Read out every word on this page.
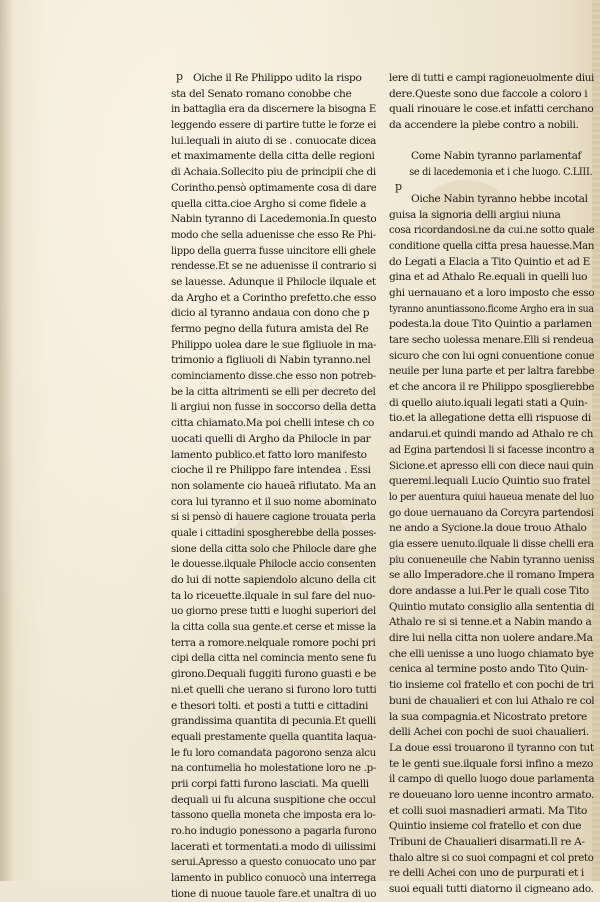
p
p
Oiche il Re Philippo udito la rispo
sta del Senato romano conobbe che
in battaglia era da discernere la bisogna E
leggendo essere di partire tutte le forze ei
lui.lequali in aiuto di se . conuocate dicea
et maximamente della citta delle regioni
di Achaia.Sollecito piu de principii che di
Corintho.pensò optimamente cosa di dare
quella citta.cioe Argho si come fidele a
Nabin tyranno di Lacedemonia.In questo
modo che sella aduenisse che esso Re Phi-
lippo della guerra fusse uincitore elli ghele
rendesse.Et se ne aduenisse il contrario si
se lauesse. Adunque il Philocle ilquale et
da Argho et a Corintho prefetto.che esso
dicio al tyranno andaua con dono che p
fermo pegno della futura amista del Re
Philippo uolea dare le sue figliuole in ma-
trimonio a figliuoli di Nabin tyranno.nel
cominciamento disse.che esso non potreb-
be la citta altrimenti se elli per decreto del
li argiui non fusse in soccorso della detta
citta chiamato.Ma poi chelli intese ch co
uocati quelli di Argho da Philocle in par
lamento publico.et fatto loro manifesto
cioche il re Philippo fare intendea . Essi
non solamente cio haueã rifiutato. Ma an
cora lui tyranno et il suo nome abominato
si si pensò di hauere cagione trouata perla
quale i cittadini sposgherebbe della posses-
sione della citta solo che Philocle dare ghe
le douesse.ilquale Philocle accio consenten
do lui di notte sapiendolo alcuno della cit
ta lo riceuette.ilquale in sul fare del nuo-
uo giorno prese tutti e luoghi superiori del
la citta colla sua gente.et cerse et misse la
terra a romore.nelquale romore pochi pri
cipi della citta nel comincia mento sene fu
girono.Dequali fuggiti furono guasti e be
ni.et quelli che uerano si furono loro tutti
e thesori tolti. et posti a tutti e cittadini
grandissima quantita di pecunia.Et quelli
equali prestamente quella quantita laqua-
le fu loro comandata pagorono senza alcu
na contumelia ho molestatione loro ne .p-
prii corpi fatti furono lasciati. Ma quelli
dequali ui fu alcuna suspitione che occul
tassono quella moneta che imposta era lo-
ro.ho indugio ponessono a pagarla furono
lacerati et tormentati.a modo di uilissimi
serui.Apresso a questo conuocato uno par
lamento in publico conuocò una interrega
tione di nuoue tauole fare.et unaltra di uo
lere di tutti e campi ragioneuolmente diui
dere.Queste sono due faccole a coloro i
quali rinouare le cose.et infatti cerchano
da accendere la plebe contro a nobili.
Come Nabin tyranno parlamentaf
se di lacedemonia et i che luogo. C.LIII.
Oiche Nabin tyranno hebbe incotal
guisa la signoria delli argiui niuna
cosa ricordandosi.ne da cui.ne sotto quale
conditione quella citta presa hauesse.Man
do Legati a Elacia a Tito Quintio et ad E
gina et ad Athalo Re.equali in quelli luo
ghi uernauano et a loro imposto che esso
tyranno anuntiassono.ficome Argho era in sua
podesta.la doue Tito Quintio a parlamen
tare secho uolessa menare.Elli si rendeua
sicuro che con lui ogni conuentione conue
neuile per luna parte et per laltra farebbe
et che ancora il re Philippo sposglierebbe
di quello aiuto.iquali legati stati a Quin-
tio.et la allegatione detta elli rispuose di
andarui.et quindi mando ad Athalo re ch
ad Egina partendosi li si facesse incontro a
Sicione.et apresso elli con diece naui quin
queremi.lequali Lucio Quintio suo fratel
lo per auentura quiui haueua menate del luo
go doue uernauano da Corcyra partendosi
ne ando a Sycione.la doue trouo Athalo
gia essere uenuto.ilquale li disse chelli era
piu conueneuile che Nabin tyranno ueniss
se allo Imperadore.che il romano Impera
dore andasse a lui.Per le quali cose Tito
Quintio mutato consiglio alla sententia di
Athalo re si si tenne.et a Nabin mando a
dire lui nella citta non uolere andare.Ma
che elli uenisse a uno luogo chiamato bye
cenica al termine posto ando Tito Quin-
tio insieme col fratello et con pochi de tri
buni de chaualieri et con lui Athalo re col
la sua compagnia.et Nicostrato pretore
delli Achei con pochi de suoi chaualieri.
La doue essi trouarono il tyranno con tut
te le genti sue.ilquale forsi infino a mezo
il campo di quello luogo doue parlamenta
re doueuano loro uenne incontro armato.
et colli suoi masnadieri armati. Ma Tito
Quintio insieme col fratello et con due
Tribuni de Chaualieri disarmati.Il re A-
thalo altre si co suoi compagni et col preto
re delli Achei con uno de purpurati et i
suoi equali tutti diatorno il cigneano ado.
